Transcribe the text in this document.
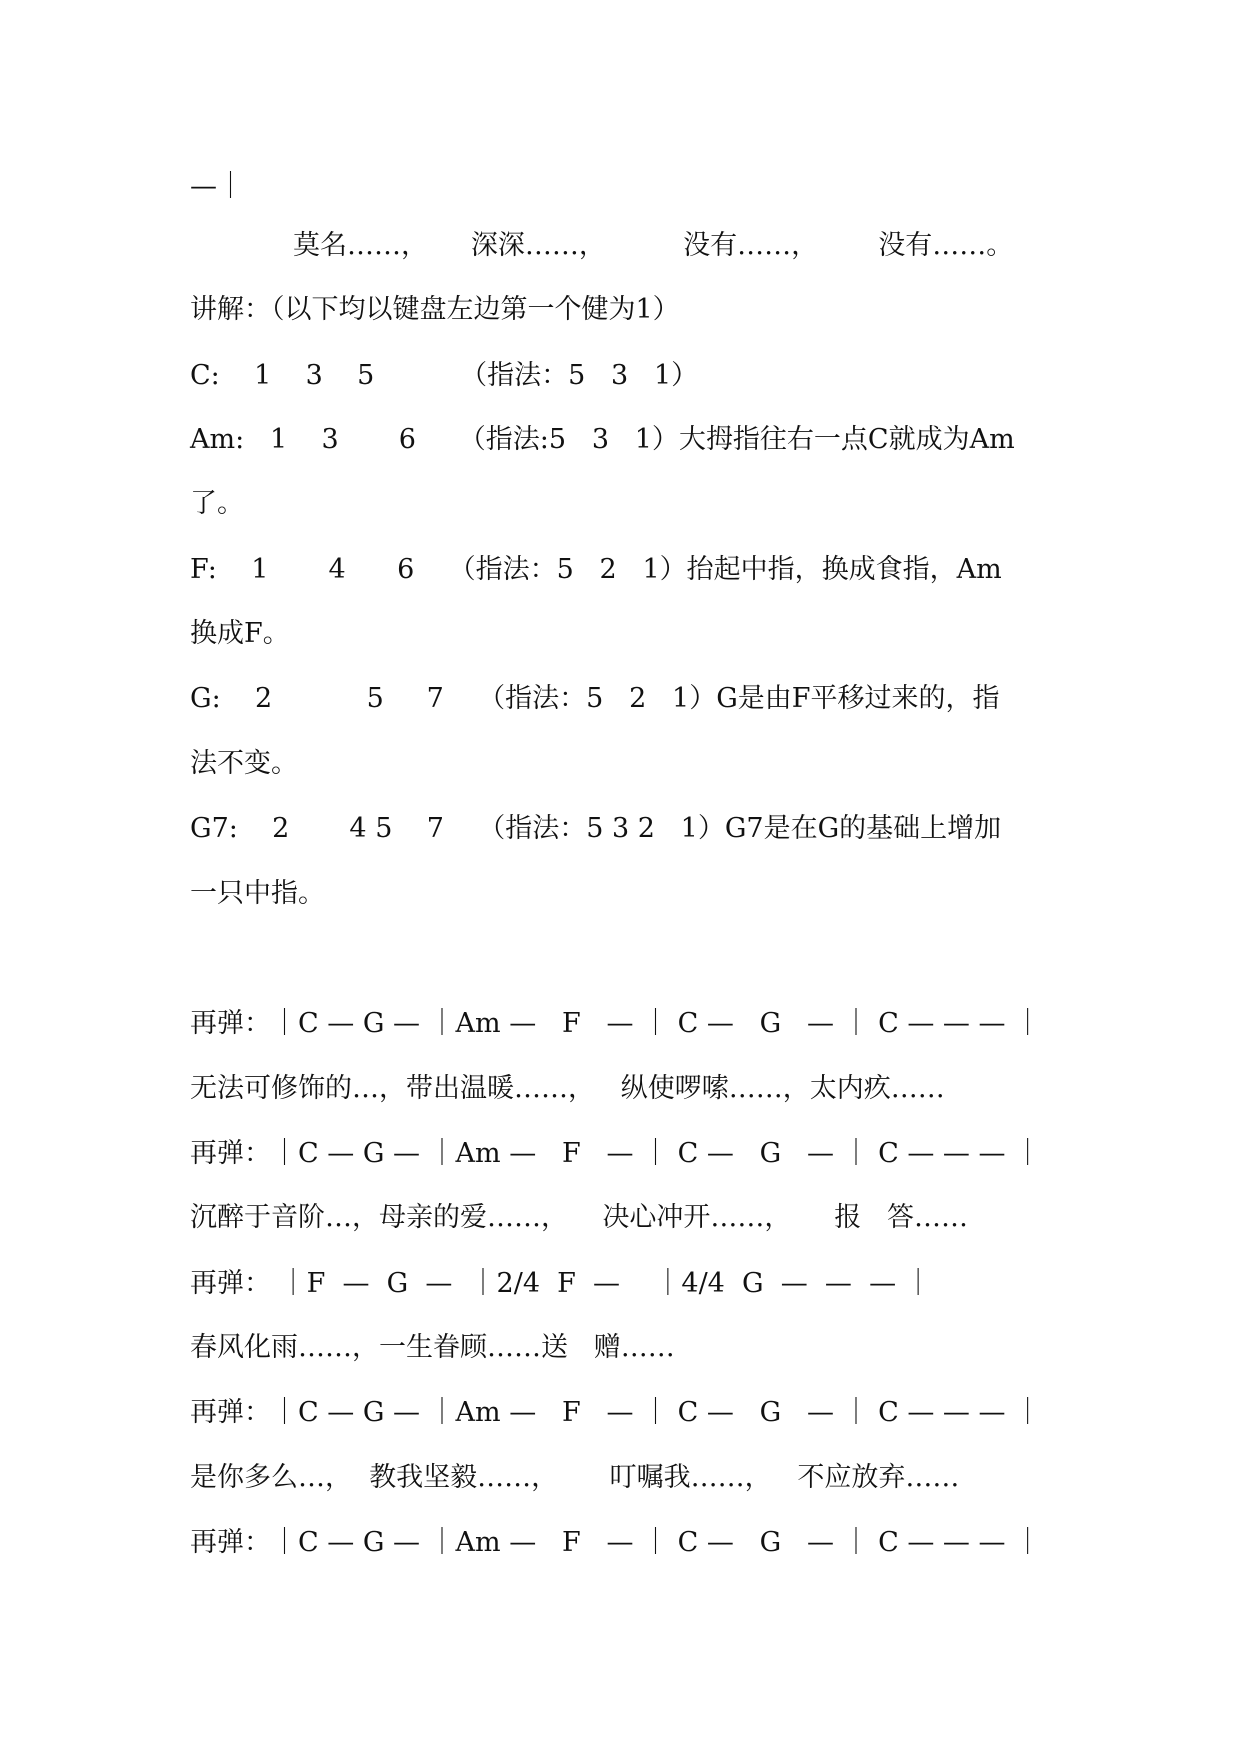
—｜
莫名……，     深深……，         没有……，       没有……。
讲解：（以下均以键盘左边第一个健为1）
C:    1    3    5          （指法：5   3   1）
Am:   1    3       6     （指法:5   3   1）大拇指往右一点C就成为Am
了。
F:    1       4      6    （指法：5   2   1）抬起中指，换成食指，Am
换成F。
G:    2           5     7    （指法：5   2   1）G是由F平移过来的，指
法不变。
G7:    2       4 5    7    （指法：5 3 2   1）G7是在G的基础上增加
一只中指。
再弹：｜C — G — ｜Am —   F   — ｜ C —   G   — ｜ C — — — ｜
无法可修饰的…，带出温暖……，   纵使啰嗦……，太内疚……
再弹：｜C — G — ｜Am —   F   — ｜ C —   G   — ｜ C — — — ｜
沉醉于音阶…，母亲的爱……，    决心冲开……，     报   答……
再弹： ｜F  —  G  —  ｜2/4  F  —    ｜4/4  G  —  —  — ｜
春风化雨……，一生眷顾……送   赠……
再弹：｜C — G — ｜Am —   F   — ｜ C —   G   — ｜ C — — — ｜
是你多么…，  教我坚毅……，      叮嘱我……，   不应放弃……
再弹：｜C — G — ｜Am —   F   — ｜ C —   G   — ｜ C — — — ｜
